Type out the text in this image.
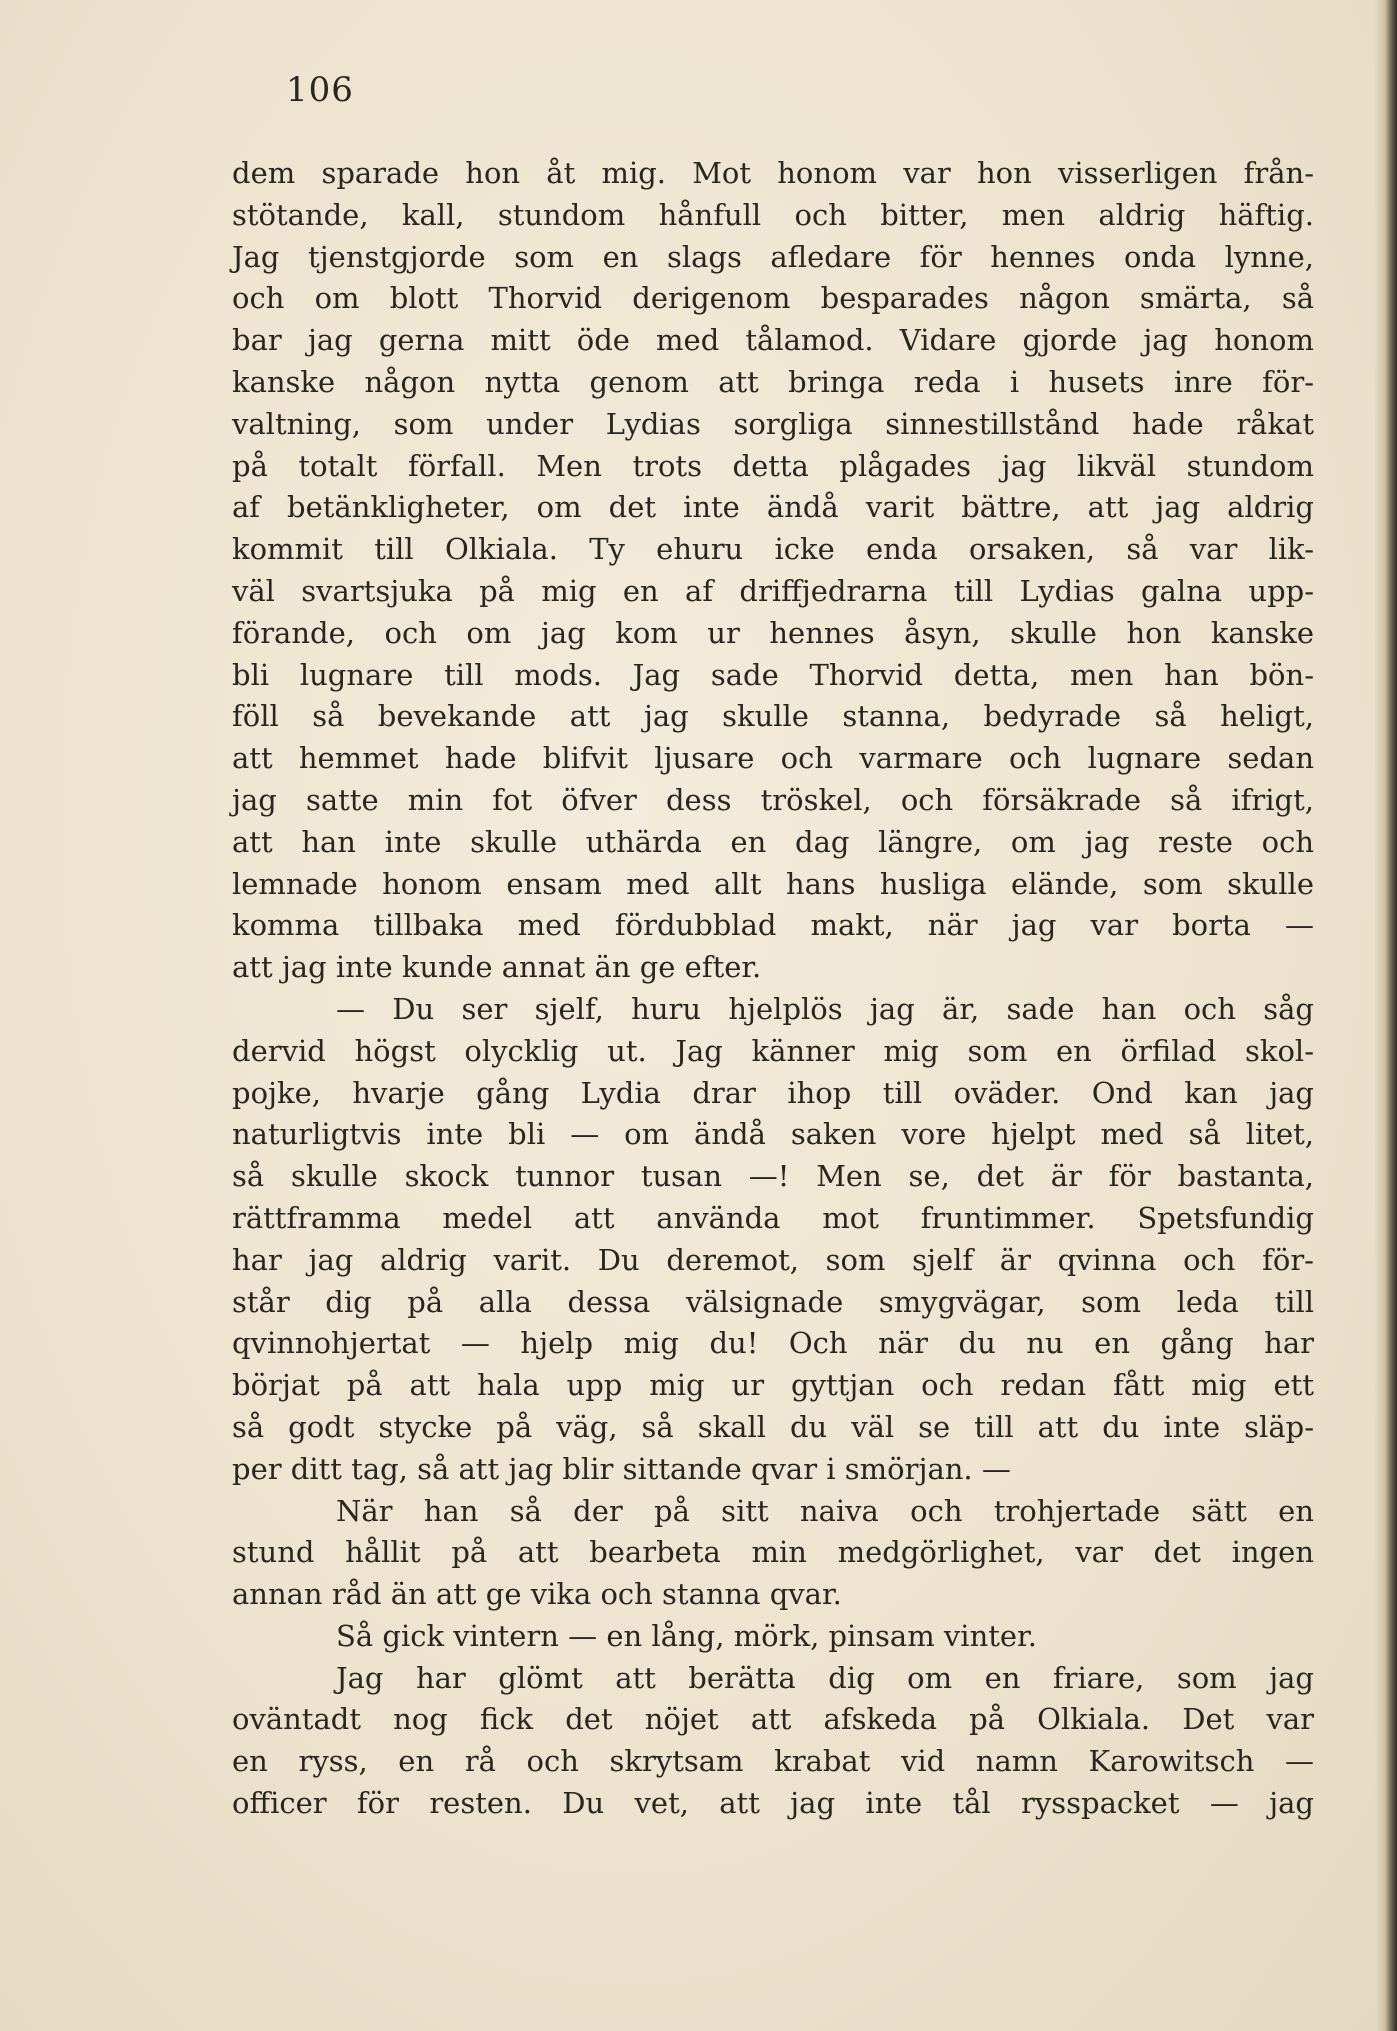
106
dem sparade hon åt mig. Mot honom var hon visserligen från-
stötande, kall, stundom hånfull och bitter, men aldrig häftig.
Jag tjenstgjorde som en slags afledare för hennes onda lynne,
och om blott Thorvid derigenom besparades någon smärta, så
bar jag gerna mitt öde med tålamod. Vidare gjorde jag honom
kanske någon nytta genom att bringa reda i husets inre för-
valtning, som under Lydias sorgliga sinnestillstånd hade råkat
på totalt förfall. Men trots detta plågades jag likväl stundom
af betänkligheter, om det inte ändå varit bättre, att jag aldrig
kommit till Olkiala. Ty ehuru icke enda orsaken, så var lik-
väl svartsjuka på mig en af driffjedrarna till Lydias galna upp-
förande, och om jag kom ur hennes åsyn, skulle hon kanske
bli lugnare till mods. Jag sade Thorvid detta, men han bön-
föll så bevekande att jag skulle stanna, bedyrade så heligt,
att hemmet hade blifvit ljusare och varmare och lugnare sedan
jag satte min fot öfver dess tröskel, och försäkrade så ifrigt,
att han inte skulle uthärda en dag längre, om jag reste och
lemnade honom ensam med allt hans husliga elände, som skulle
komma tillbaka med fördubblad makt, när jag var borta —
att jag inte kunde annat än ge efter.
— Du ser sjelf, huru hjelplös jag är, sade han och såg
dervid högst olycklig ut. Jag känner mig som en örfilad skol-
pojke, hvarje gång Lydia drar ihop till oväder. Ond kan jag
naturligtvis inte bli — om ändå saken vore hjelpt med så litet,
så skulle skock tunnor tusan —! Men se, det är för bastanta,
rättframma medel att använda mot fruntimmer. Spetsfundig
har jag aldrig varit. Du deremot, som sjelf är qvinna och för-
står dig på alla dessa välsignade smygvägar, som leda till
qvinnohjertat — hjelp mig du! Och när du nu en gång har
börjat på att hala upp mig ur gyttjan och redan fått mig ett
så godt stycke på väg, så skall du väl se till att du inte släp-
per ditt tag, så att jag blir sittande qvar i smörjan. —
När han så der på sitt naiva och trohjertade sätt en
stund hållit på att bearbeta min medgörlighet, var det ingen
annan råd än att ge vika och stanna qvar.
Så gick vintern — en lång, mörk, pinsam vinter.
Jag har glömt att berätta dig om en friare, som jag
oväntadt nog fick det nöjet att afskeda på Olkiala. Det var
en ryss, en rå och skrytsam krabat vid namn Karowitsch —
officer för resten. Du vet, att jag inte tål rysspacket — jag
